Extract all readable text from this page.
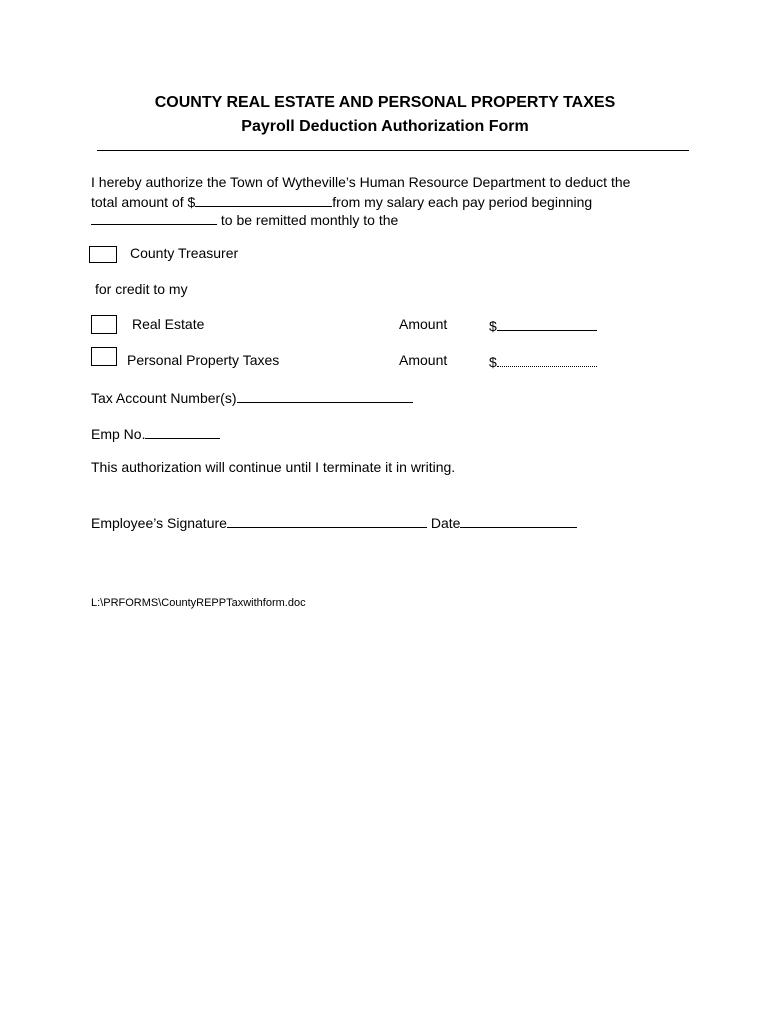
COUNTY REAL ESTATE AND PERSONAL PROPERTY TAXES
Payroll Deduction Authorization Form
I hereby authorize the Town of Wytheville’s Human Resource Department to deduct the
total amount of $	from my salary each pay period beginning
to be remitted monthly to the
County Treasurer
for credit to my
Real Estate	Amount	$
Personal Property Taxes	Amount	$
Tax Account Number(s)
Emp No.
This authorization will continue until I terminate it in writing.
Employee’s Signature	Date
L:\PRFORMS\CountyREPPTaxwithform.doc
